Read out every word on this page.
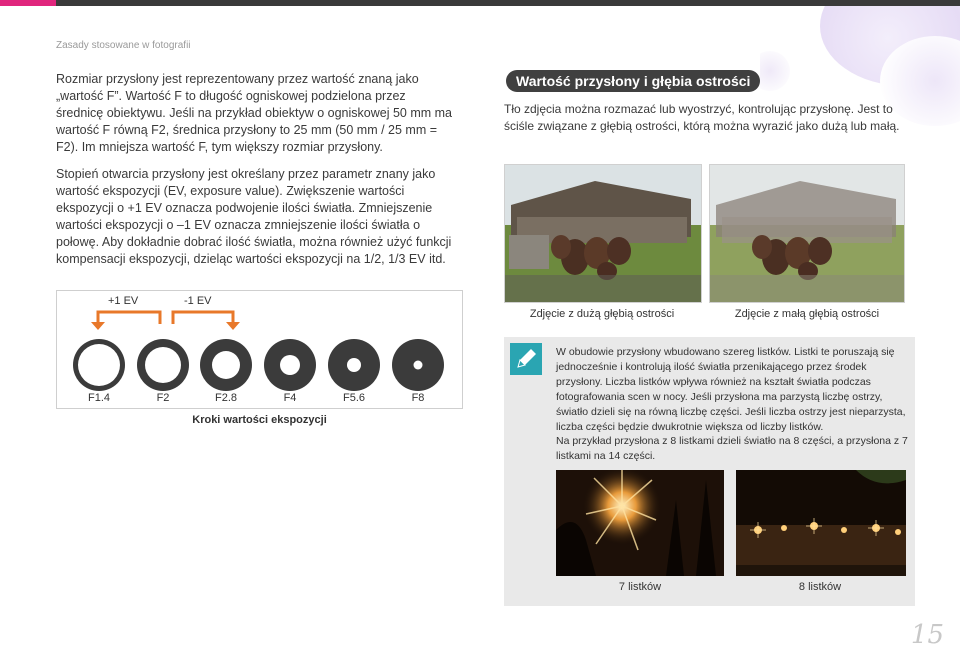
Zasady stosowane w fotografii

Rozmiar przysłony jest reprezentowany przez wartość znaną jako „wartość F”. Wartość F to długość ogniskowej podzielona przez średnicę obiektywu. Jeśli na przykład obiektyw o ogniskowej 50 mm ma wartość F równą F2, średnica przysłony to 25 mm (50 mm / 25 mm = F2). Im mniejsza wartość F, tym większy rozmiar przysłony.

Stopień otwarcia przysłony jest określany przez parametr znany jako wartość ekspozycji (EV, exposure value). Zwiększenie wartości ekspozycji o +1 EV oznacza podwojenie ilości światła. Zmniejszenie wartości ekspozycji o –1 EV oznacza zmniejszenie ilości światła o połowę. Aby dokładnie dobrać ilość światła, można również użyć funkcji kompensacji ekspozycji, dzieląc wartości ekspozycji na 1/2, 1/3 EV itd.

+1 EV	-1 EV
F1.4	F2	F2.8	F4	F5.6	F8
Kroki wartości ekspozycji
Wartość przysłony i głębia ostrości

Tło zdjęcia można rozmazać lub wyostrzyć, kontrolując przysłonę. Jest to ściśle związane z głębią ostrości, którą można wyrazić jako dużą lub małą.

Zdjęcie z dużą głębią ostrości	Zdjęcie z małą głębią ostrości

W obudowie przysłony wbudowano szereg listków. Listki te poruszają się jednocześnie i kontrolują ilość światła przenikającego przez środek przysłony. Liczba listków wpływa również na kształt światła podczas fotografowania scen w nocy. Jeśli przysłona ma parzystą liczbę ostrzy, światło dzieli się na równą liczbę części. Jeśli liczba ostrzy jest nieparzysta, liczba części będzie dwukrotnie większa od liczby listków.

Na przykład przysłona z 8 listkami dzieli światło na 8 części, a przysłona z 7 listkami na 14 części.

7 listków	8 listków
15
